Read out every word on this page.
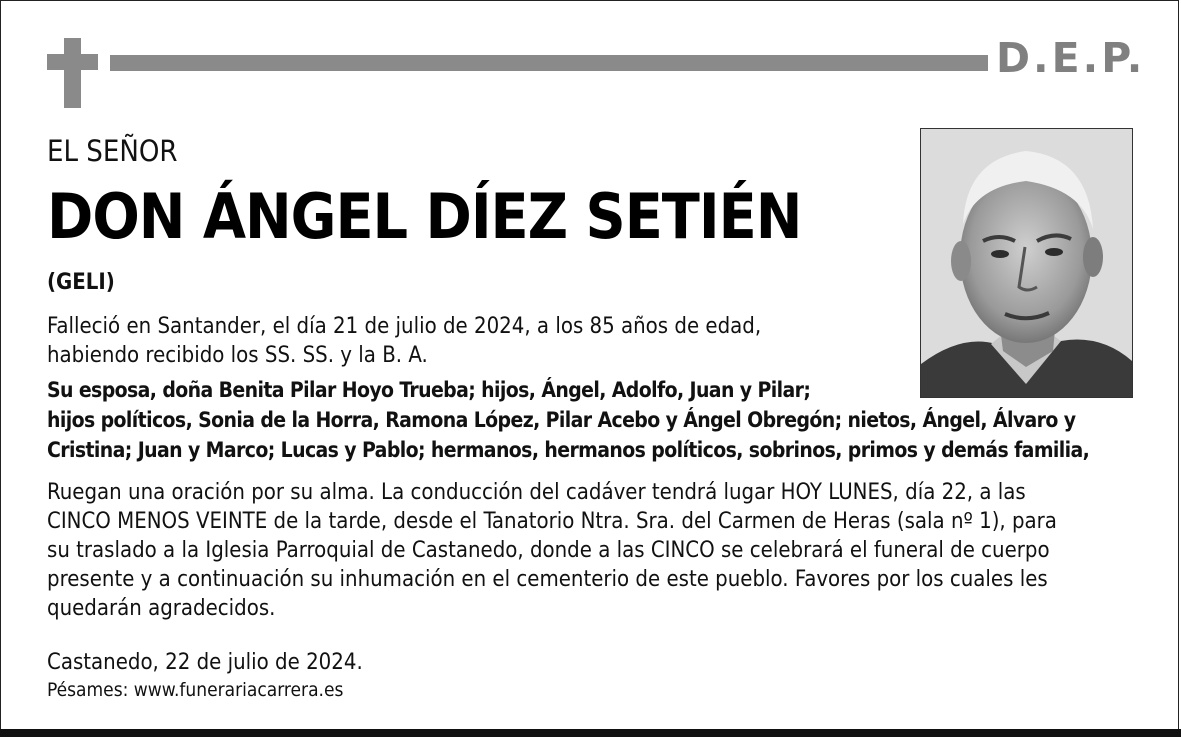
D.E.P.
EL SEÑOR
DON ÁNGEL DÍEZ SETIÉN
(GELI)
Falleció en Santander, el día 21 de julio de 2024, a los 85 años de edad,
habiendo recibido los SS. SS. y la B. A.
Su esposa, doña Benita Pilar Hoyo Trueba; hijos, Ángel, Adolfo, Juan y Pilar;
hijos políticos, Sonia de la Horra, Ramona López, Pilar Acebo y Ángel Obregón; nietos, Ángel, Álvaro y
Cristina; Juan y Marco; Lucas y Pablo; hermanos, hermanos políticos, sobrinos, primos y demás familia,
Ruegan una oración por su alma. La conducción del cadáver tendrá lugar HOY LUNES, día 22, a las
CINCO MENOS VEINTE de la tarde, desde el Tanatorio Ntra. Sra. del Carmen de Heras (sala nº 1), para
su traslado a la Iglesia Parroquial de Castanedo, donde a las CINCO se celebrará el funeral de cuerpo
presente y a continuación su inhumación en el cementerio de este pueblo. Favores por los cuales les
quedarán agradecidos.
Castanedo, 22 de julio de 2024.
Pésames: www.funerariacarrera.es
